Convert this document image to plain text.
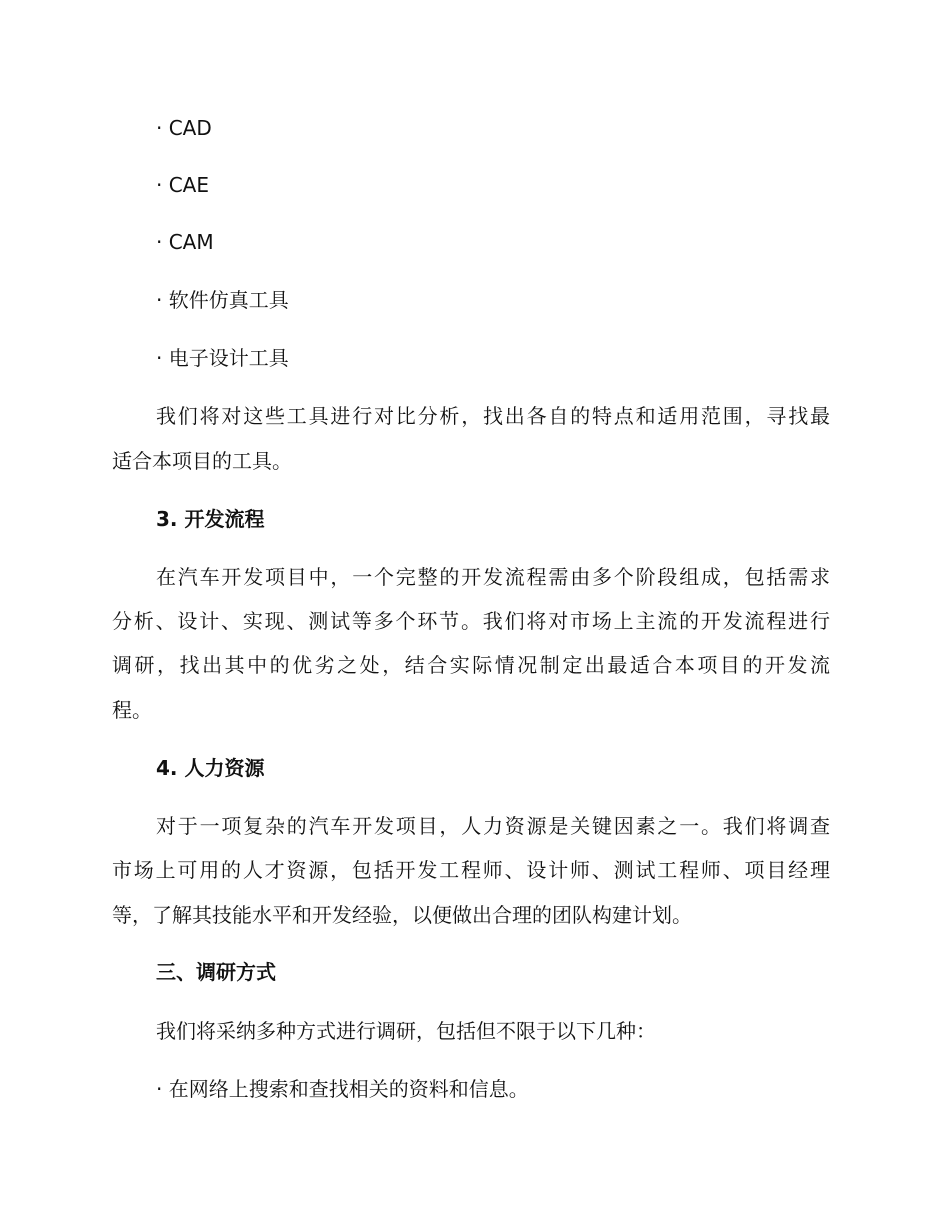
· CAD

· CAE

· CAM

· 软件仿真工具

· 电子设计工具

我们将对这些工具进行对比分析，找出各自的特点和适用范围，寻找最

适合本项目的工具。

3. 开发流程

在汽车开发项目中，一个完整的开发流程需由多个阶段组成，包括需求

分析、设计、实现、测试等多个环节。我们将对市场上主流的开发流程进行

调研，找出其中的优劣之处，结合实际情况制定出最适合本项目的开发流

程。

4. 人力资源

对于一项复杂的汽车开发项目，人力资源是关键因素之一。我们将调查

市场上可用的人才资源，包括开发工程师、设计师、测试工程师、项目经理

等，了解其技能水平和开发经验，以便做出合理的团队构建计划。

三、调研方式

我们将采纳多种方式进行调研，包括但不限于以下几种：

· 在网络上搜索和查找相关的资料和信息。
